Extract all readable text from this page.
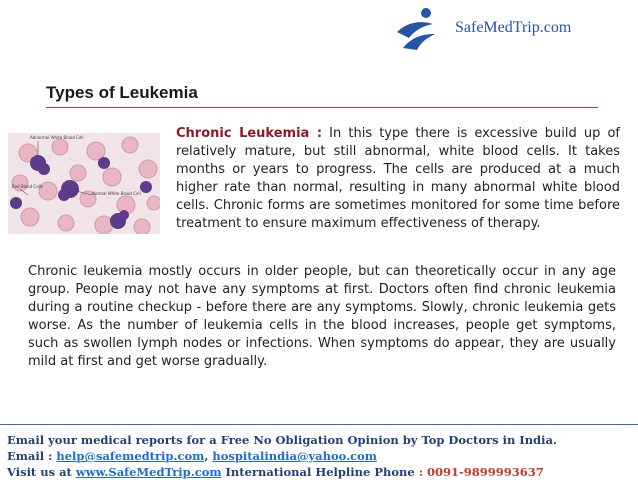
SafeMedTrip.com
Types of Leukemia
Abnormal White Blood Cell
Red Blood Cells
Normal White Blood Cell

Chronic Leukemia : In this type there is excessive build up of relatively mature, but still abnormal, white blood cells. It takes months or years to progress. The cells are produced at a much higher rate than normal, resulting in many abnormal white blood cells. Chronic forms are sometimes monitored for some time before treatment to ensure maximum effectiveness of therapy.

Chronic leukemia mostly occurs in older people, but can theoretically occur in any age group. People may not have any symptoms at first. Doctors often find chronic leukemia during a routine checkup - before there are any symptoms. Slowly, chronic leukemia gets worse. As the number of leukemia cells in the blood increases, people get symptoms, such as swollen lymph nodes or infections. When symptoms do appear, they are usually mild at first and get worse gradually.

Email your medical reports for a Free No Obligation Opinion by Top Doctors in India.
Email : help@safemedtrip.com, hospitalindia@yahoo.com
Visit us at www.SafeMedTrip.com International Helpline Phone : 0091-9899993637
